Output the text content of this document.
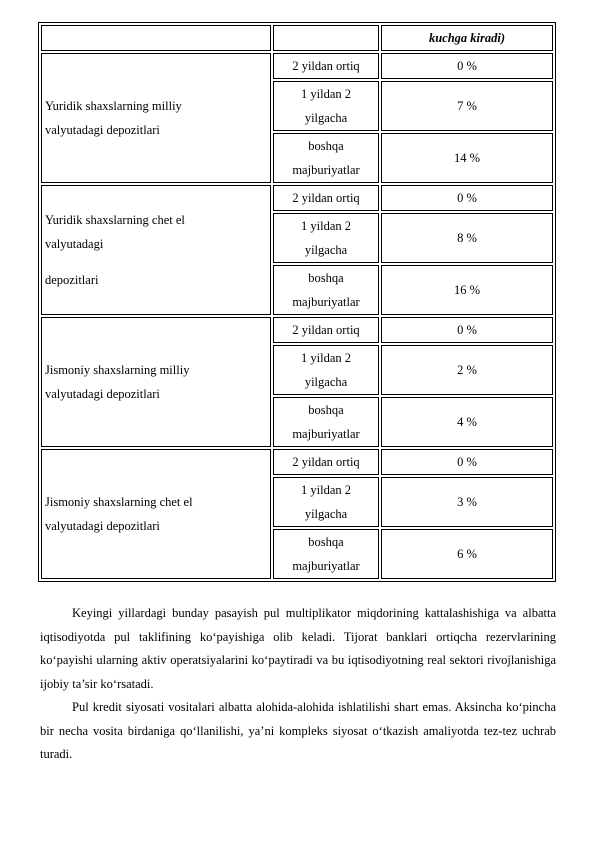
		kuchga kiradi)

Yuridik shaxslarning milliy
valyutadagi depozitlari	2 yildan ortiq	0 %

	1 yildan 2
yilgacha	7 %

	boshqa
majburiyatlar	14 %

Yuridik shaxslarning chet el
valyutadagi
depozitlari	2 yildan ortiq	0 %

	1 yildan 2
yilgacha	8 %

	boshqa
majburiyatlar	16 %

Jismoniy shaxslarning milliy
valyutadagi depozitlari	2 yildan ortiq	0 %

	1 yildan 2
yilgacha	2 %

	boshqa
majburiyatlar	4 %

Jismoniy shaxslarning chet el
valyutadagi depozitlari	2 yildan ortiq	0 %

	1 yildan 2
yilgacha	3 %

	boshqa
majburiyatlar	6 %

Keyingi yillardagi bunday pasayish pul multiplikator miqdorining kattalashishiga va albatta iqtisodiyotda pul taklifining ko‘payishiga olib keladi. Tijorat banklari ortiqcha rezervlarining ko‘payishi ularning aktiv operatsiyalarini ko‘paytiradi va bu iqtisodiyotning real sektori rivojlanishiga ijobiy ta’sir ko‘rsatadi.

Pul kredit siyosati vositalari albatta alohida-alohida ishlatilishi shart emas. Aksincha ko‘pincha bir necha vosita birdaniga qo‘llanilishi, ya’ni kompleks siyosat o‘tkazish amaliyotda tez-tez uchrab turadi.
